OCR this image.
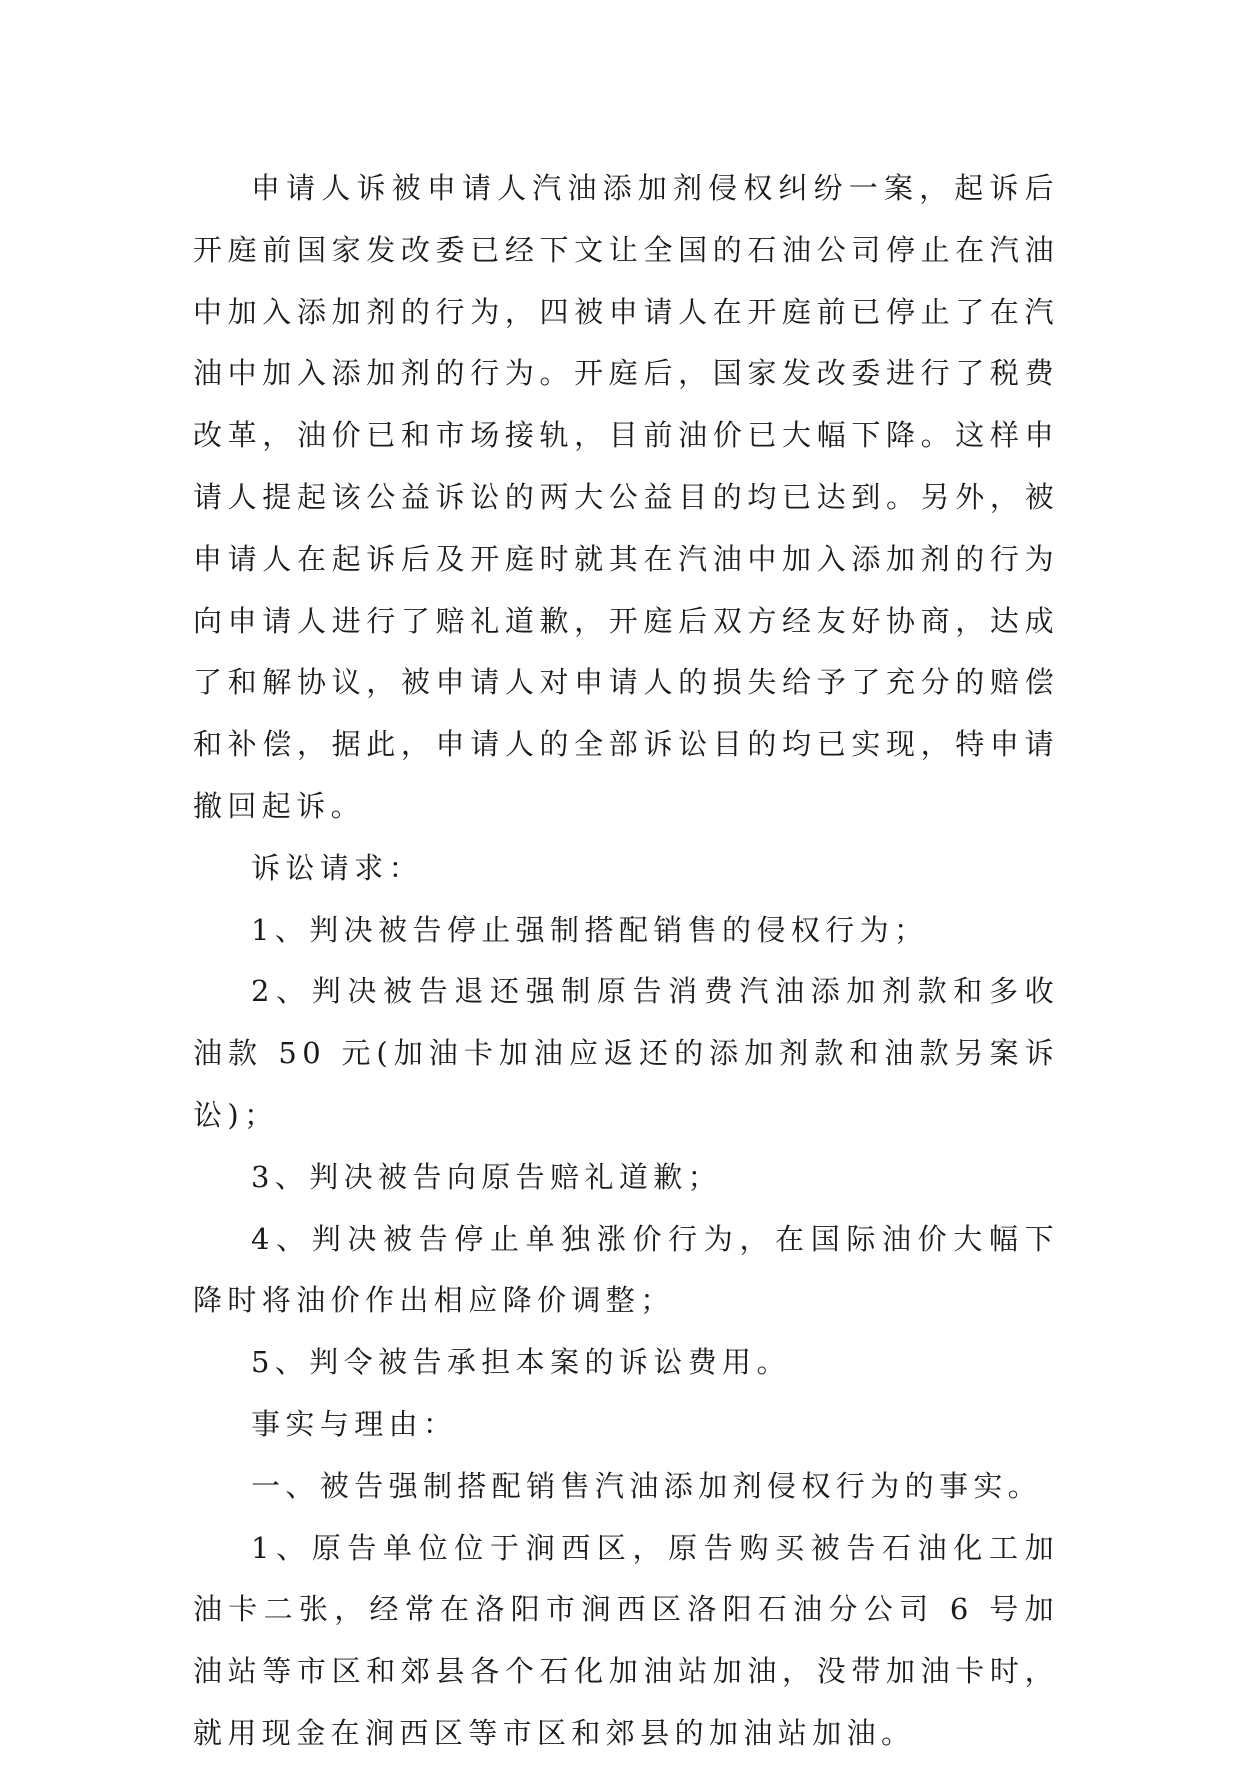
申请人诉被申请人汽油添加剂侵权纠纷一案，起诉后开庭前国家发改委已经下文让全国的石油公司停止在汽油中加入添加剂的行为，四被申请人在开庭前已停止了在汽油中加入添加剂的行为。开庭后，国家发改委进行了税费改革，油价已和市场接轨，目前油价已大幅下降。这样申请人提起该公益诉讼的两大公益目的均已达到。另外，被申请人在起诉后及开庭时就其在汽油中加入添加剂的行为向申请人进行了赔礼道歉，开庭后双方经友好协商，达成了和解协议，被申请人对申请人的损失给予了充分的赔偿和补偿，据此，申请人的全部诉讼目的均已实现，特申请撤回起诉。

诉讼请求：

1、判决被告停止强制搭配销售的侵权行为；

2、判决被告退还强制原告消费汽油添加剂款和多收油款 50 元(加油卡加油应返还的添加剂款和油款另案诉讼)；

3、判决被告向原告赔礼道歉；

4、判决被告停止单独涨价行为，在国际油价大幅下降时将油价作出相应降价调整；

5、判令被告承担本案的诉讼费用。

事实与理由：

一、被告强制搭配销售汽油添加剂侵权行为的事实。

1、原告单位位于涧西区，原告购买被告石油化工加油卡二张，经常在洛阳市涧西区洛阳石油分公司 6 号加油站等市区和郊县各个石化加油站加油，没带加油卡时，就用现金在涧西区等市区和郊县的加油站加油。
